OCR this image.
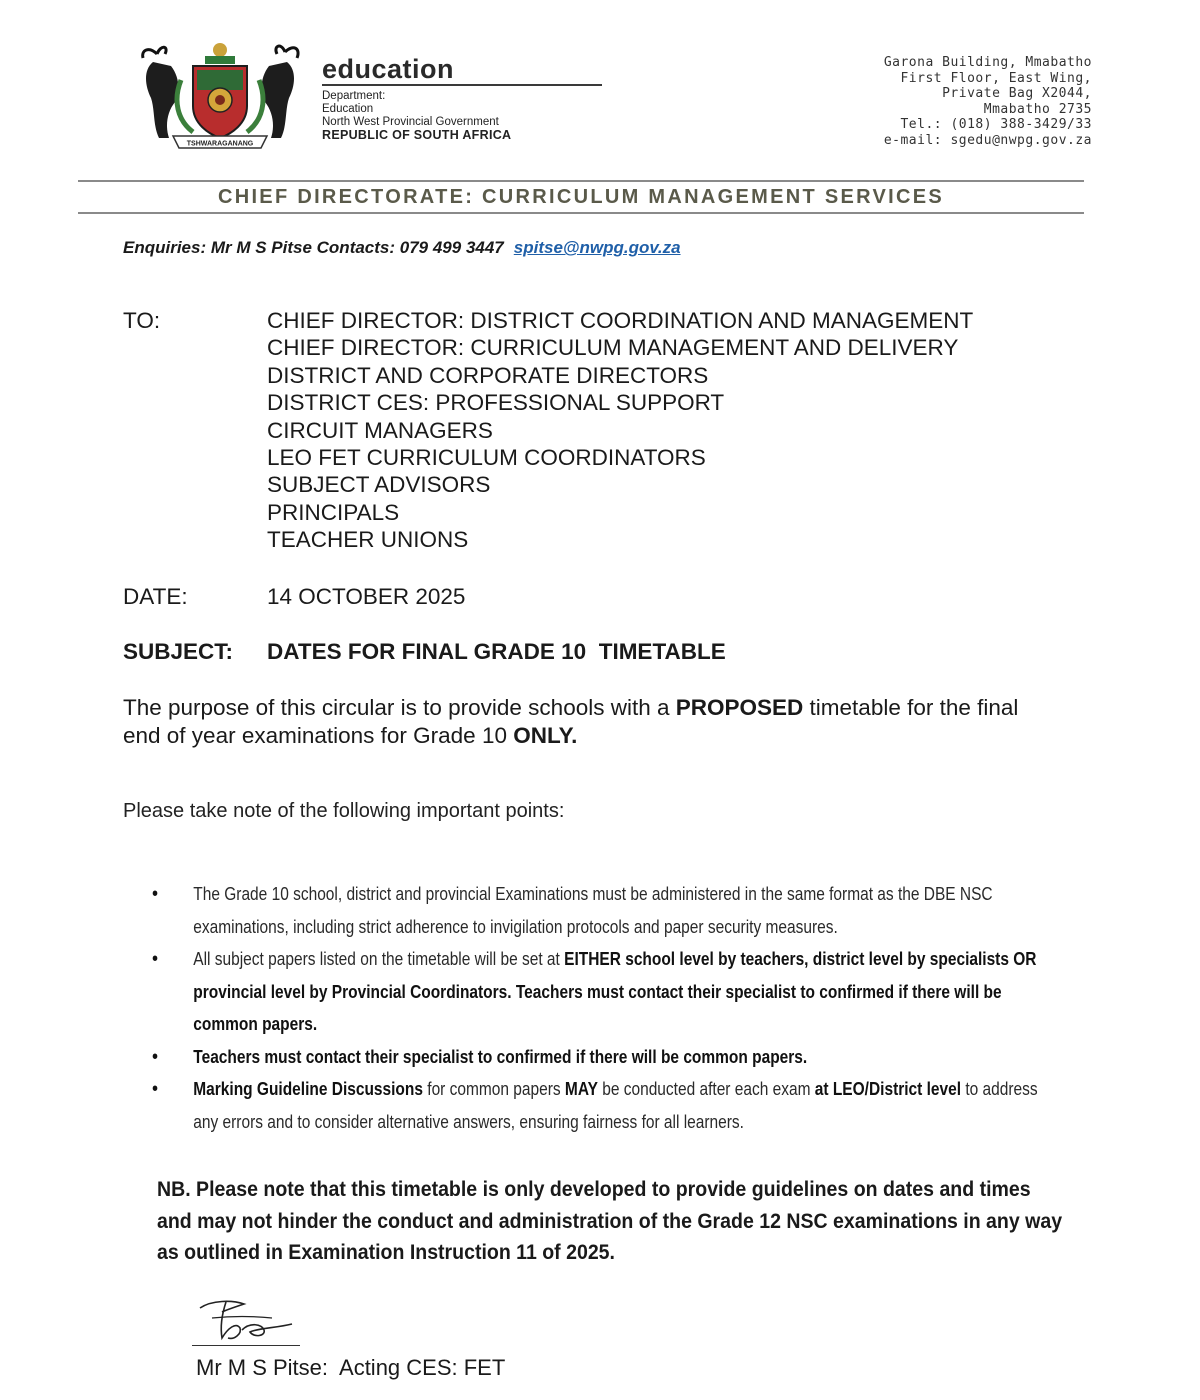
TSHWARAGANANG
education
Department:
Education
North West Provincial Government
REPUBLIC OF SOUTH AFRICA
Garona Building, Mmabatho
First Floor, East Wing,
Private Bag X2044,
Mmabatho 2735
Tel.: (018) 388-3429/33
e-mail: sgedu@nwpg.gov.za
CHIEF DIRECTORATE: CURRICULUM MANAGEMENT SERVICES
Enquiries: Mr M S Pitse Contacts: 079 499 3447 spitse@nwpg.gov.za
TO:	CHIEF DIRECTOR: DISTRICT COORDINATION AND MANAGEMENT
CHIEF DIRECTOR: CURRICULUM MANAGEMENT AND DELIVERY
DISTRICT AND CORPORATE DIRECTORS
DISTRICT CES: PROFESSIONAL SUPPORT
CIRCUIT MANAGERS
LEO FET CURRICULUM COORDINATORS
SUBJECT ADVISORS
PRINCIPALS
TEACHER UNIONS
DATE:	14 OCTOBER 2025
SUBJECT: DATES FOR FINAL GRADE 10  TIMETABLE
The purpose of this circular is to provide schools with a PROPOSED timetable for the final end of year examinations for Grade 10 ONLY.
Please take note of the following important points:
• The Grade 10 school, district and provincial Examinations must be administered in the same format as the DBE NSC examinations, including strict adherence to invigilation protocols and paper security measures.
• All subject papers listed on the timetable will be set at EITHER school level by teachers, district level by specialists OR provincial level by Provincial Coordinators. Teachers must contact their specialist to confirmed if there will be common papers.
• Teachers must contact their specialist to confirmed if there will be common papers.
• Marking Guideline Discussions for common papers MAY be conducted after each exam at LEO/District level to address any errors and to consider alternative answers, ensuring fairness for all learners.
NB. Please note that this timetable is only developed to provide guidelines on dates and times and may not hinder the conduct and administration of the Grade 12 NSC examinations in any way as outlined in Examination Instruction 11 of 2025.
Mr M S Pitse:  Acting CES: FET
